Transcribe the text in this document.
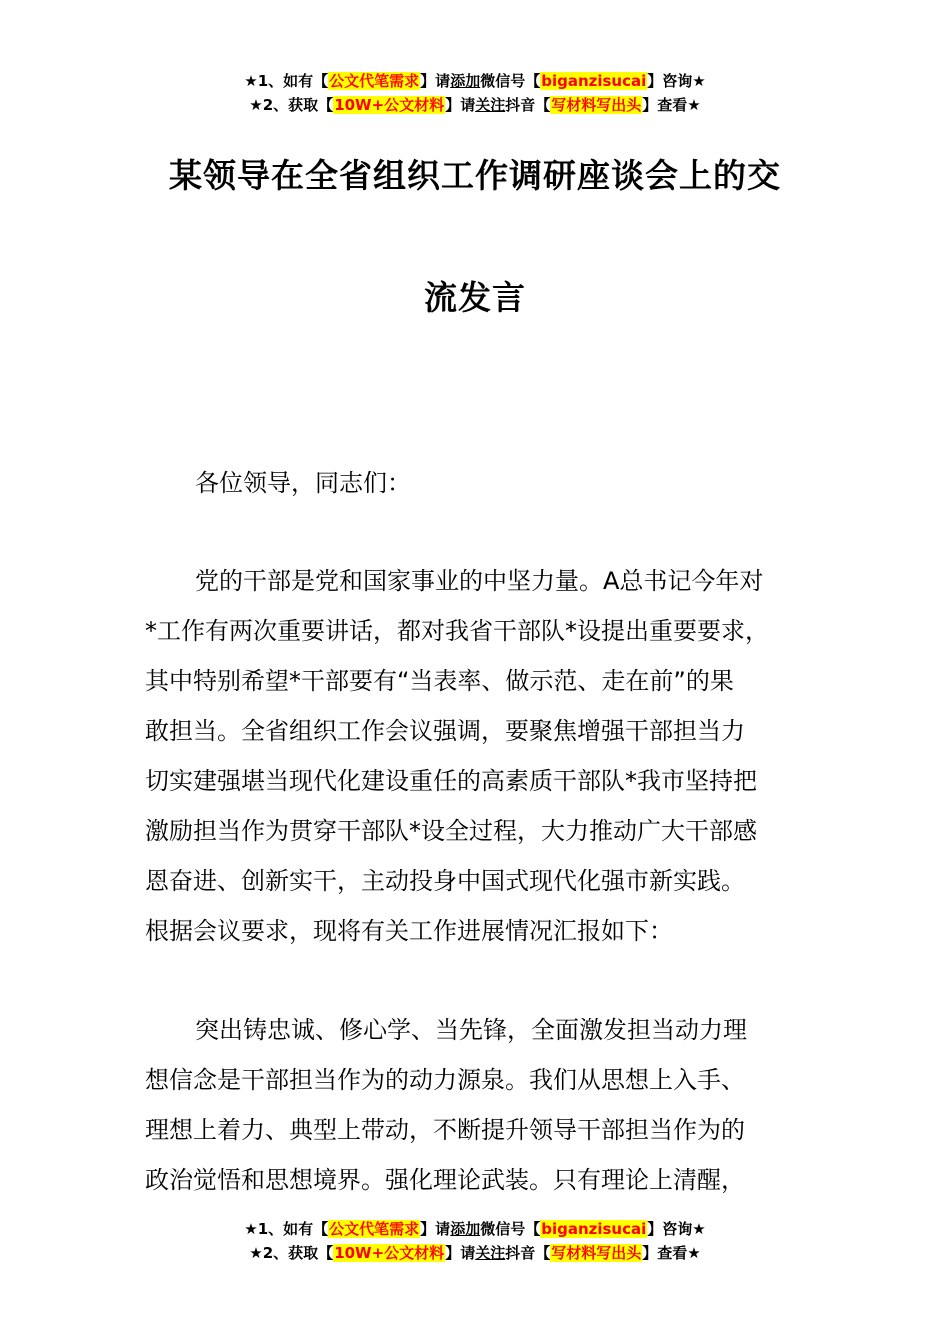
★1、如有【公文代笔需求】请添加微信号【biganzisucai】咨询★
★2、获取【10W+公文材料】请关注抖音【写材料写出头】查看★
某领导在全省组织工作调研座谈会上的交
流发言

各位领导，同志们：

党的干部是党和国家事业的中坚力量。A总书记今年对
*工作有两次重要讲话，都对我省干部队*设提出重要要求，
其中特别希望*干部要有“当表率、做示范、走在前”的果
敢担当。全省组织工作会议强调，要聚焦增强干部担当力
切实建强堪当现代化建设重任的高素质干部队*我市坚持把
激励担当作为贯穿干部队*设全过程，大力推动广大干部感
恩奋进、创新实干，主动投身中国式现代化强市新实践。
根据会议要求，现将有关工作进展情况汇报如下：

突出铸忠诚、修心学、当先锋，全面激发担当动力理
想信念是干部担当作为的动力源泉。我们从思想上入手、
理想上着力、典型上带动，不断提升领导干部担当作为的
政治觉悟和思想境界。强化理论武装。只有理论上清醒，

★1、如有【公文代笔需求】请添加微信号【biganzisucai】咨询★
★2、获取【10W+公文材料】请关注抖音【写材料写出头】查看★
